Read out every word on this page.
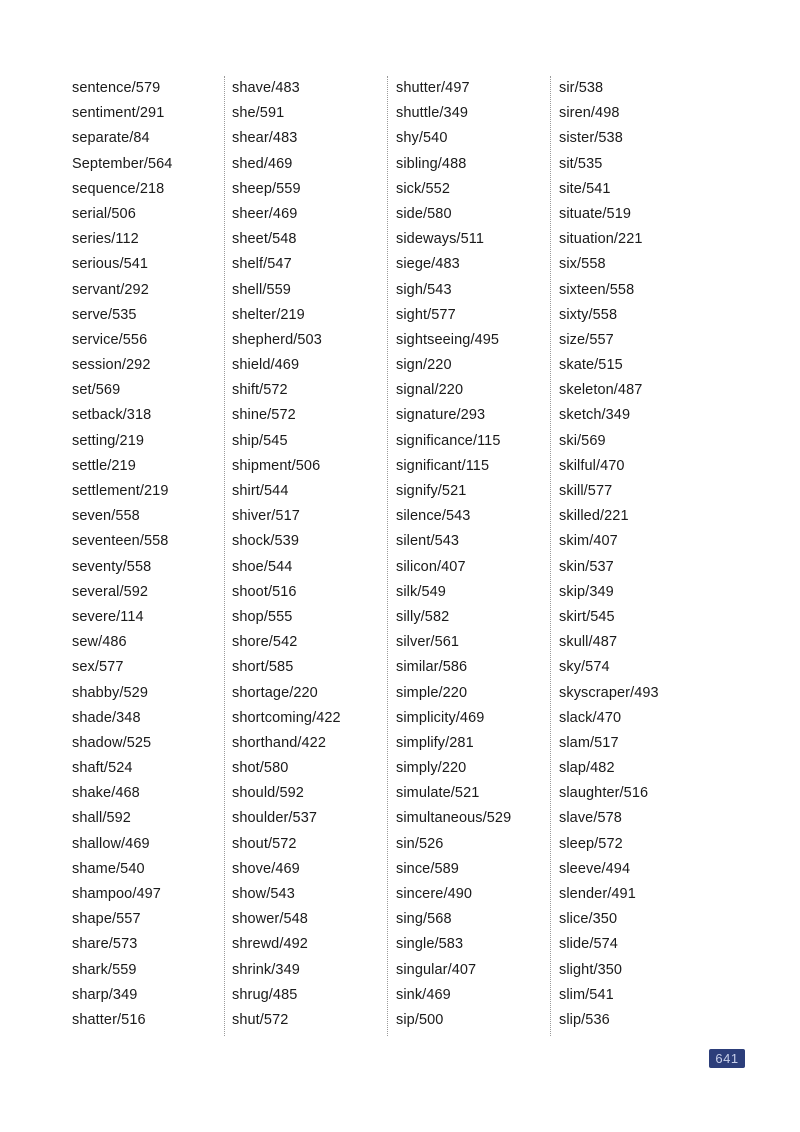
sentence/579
sentiment/291
separate/84
September/564
sequence/218
serial/506
series/112
serious/541
servant/292
serve/535
service/556
session/292
set/569
setback/318
setting/219
settle/219
settlement/219
seven/558
seventeen/558
seventy/558
several/592
severe/114
sew/486
sex/577
shabby/529
shade/348
shadow/525
shaft/524
shake/468
shall/592
shallow/469
shame/540
shampoo/497
shape/557
share/573
shark/559
sharp/349
shatter/516
shave/483
she/591
shear/483
shed/469
sheep/559
sheer/469
sheet/548
shelf/547
shell/559
shelter/219
shepherd/503
shield/469
shift/572
shine/572
ship/545
shipment/506
shirt/544
shiver/517
shock/539
shoe/544
shoot/516
shop/555
shore/542
short/585
shortage/220
shortcoming/422
shorthand/422
shot/580
should/592
shoulder/537
shout/572
shove/469
show/543
shower/548
shrewd/492
shrink/349
shrug/485
shut/572
shutter/497
shuttle/349
shy/540
sibling/488
sick/552
side/580
sideways/511
siege/483
sigh/543
sight/577
sightseeing/495
sign/220
signal/220
signature/293
significance/115
significant/115
signify/521
silence/543
silent/543
silicon/407
silk/549
silly/582
silver/561
similar/586
simple/220
simplicity/469
simplify/281
simply/220
simulate/521
simultaneous/529
sin/526
since/589
sincere/490
sing/568
single/583
singular/407
sink/469
sip/500
sir/538
siren/498
sister/538
sit/535
site/541
situate/519
situation/221
six/558
sixteen/558
sixty/558
size/557
skate/515
skeleton/487
sketch/349
ski/569
skilful/470
skill/577
skilled/221
skim/407
skin/537
skip/349
skirt/545
skull/487
sky/574
skyscraper/493
slack/470
slam/517
slap/482
slaughter/516
slave/578
sleep/572
sleeve/494
slender/491
slice/350
slide/574
slight/350
slim/541
slip/536
641
